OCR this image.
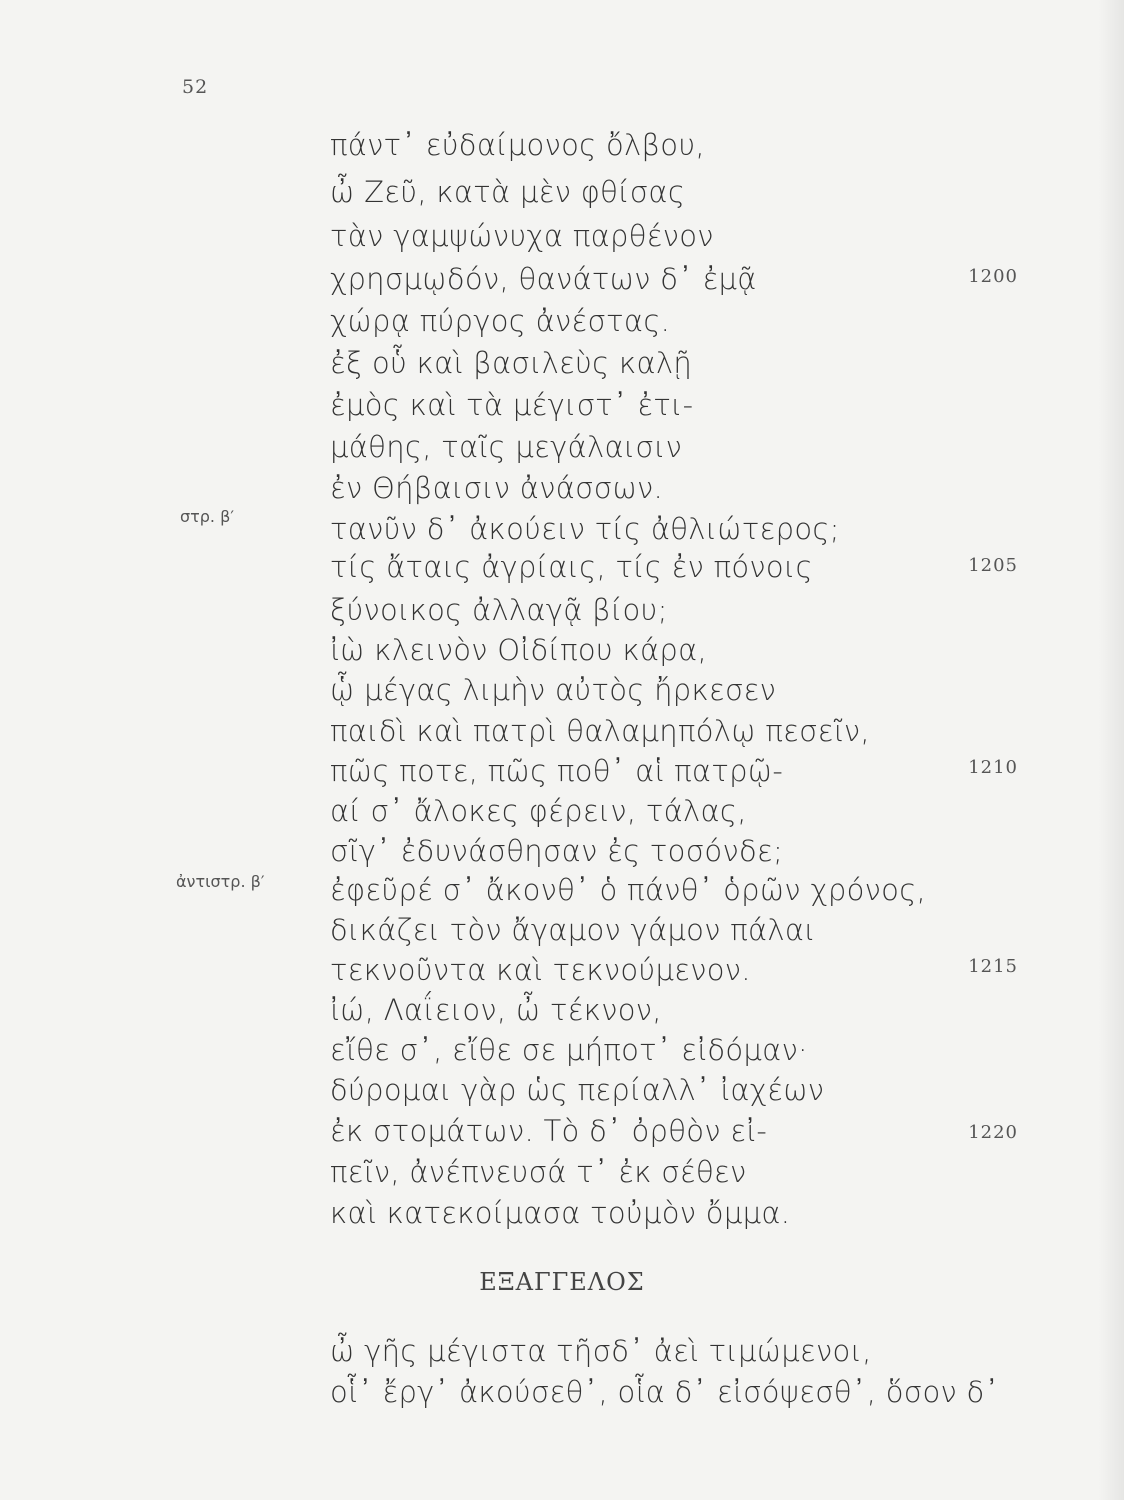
52
πάντ᾽ εὐδαίμονος ὄλβου,
ὦ Ζεῦ, κατὰ μὲν φθίσας
τὰν γαμψώνυχα παρθένον
χρησμῳδόν, θανάτων δ᾽ ἐμᾷ
χώρᾳ πύργος ἀνέστας.
ἐξ οὗ καὶ βασιλεὺς καλῇ
ἐμὸς καὶ τὰ μέγιστ᾽ ἐτι-
μάθης, ταῖς μεγάλαισιν
ἐν Θήβαισιν ἀνάσσων.
τανῦν δ᾽ ἀκούειν τίς ἀθλιώτερος;
τίς ἄταις ἀγρίαις, τίς ἐν πόνοις
ξύνοικος ἀλλαγᾷ βίου;
ἰὼ κλεινὸν Οἰδίπου κάρα,
ᾧ μέγας λιμὴν αὐτὸς ἤρκεσεν
παιδὶ καὶ πατρὶ θαλαμηπόλῳ πεσεῖν,
πῶς ποτε, πῶς ποθ᾽ αἱ πατρῷ-
αί σ᾽ ἄλοκες φέρειν, τάλας,
σῖγ᾽ ἐδυνάσθησαν ἐς τοσόνδε;
ἐφεῦρέ σ᾽ ἄκονθ᾽ ὁ πάνθ᾽ ὁρῶν χρόνος,
δικάζει τὸν ἄγαμον γάμον πάλαι
τεκνοῦντα καὶ τεκνούμενον.
ἰώ, Λαΐειον, ὦ τέκνον,
εἴθε σ᾽, εἴθε σε μήποτ᾽ εἰδόμαν·
δύρομαι γὰρ ὡς περίαλλ᾽ ἰαχέων
ἐκ στομάτων. Τὸ δ᾽ ὀρθὸν εἰ-
πεῖν, ἀνέπνευσά τ᾽ ἐκ σέθεν
καὶ κατεκοίμασα τοὐμὸν ὄμμα.
στρ. β′
ἀντιστρ. β′
1200
1205
1210
1215
1220
ΕΞΑΓΓΕΛΟΣ
ὦ γῆς μέγιστα τῆσδ᾽ ἀεὶ τιμώμενοι,
οἷ᾽ ἔργ᾽ ἀκούσεθ᾽, οἷα δ᾽ εἰσόψεσθ᾽, ὅσον δ᾽
